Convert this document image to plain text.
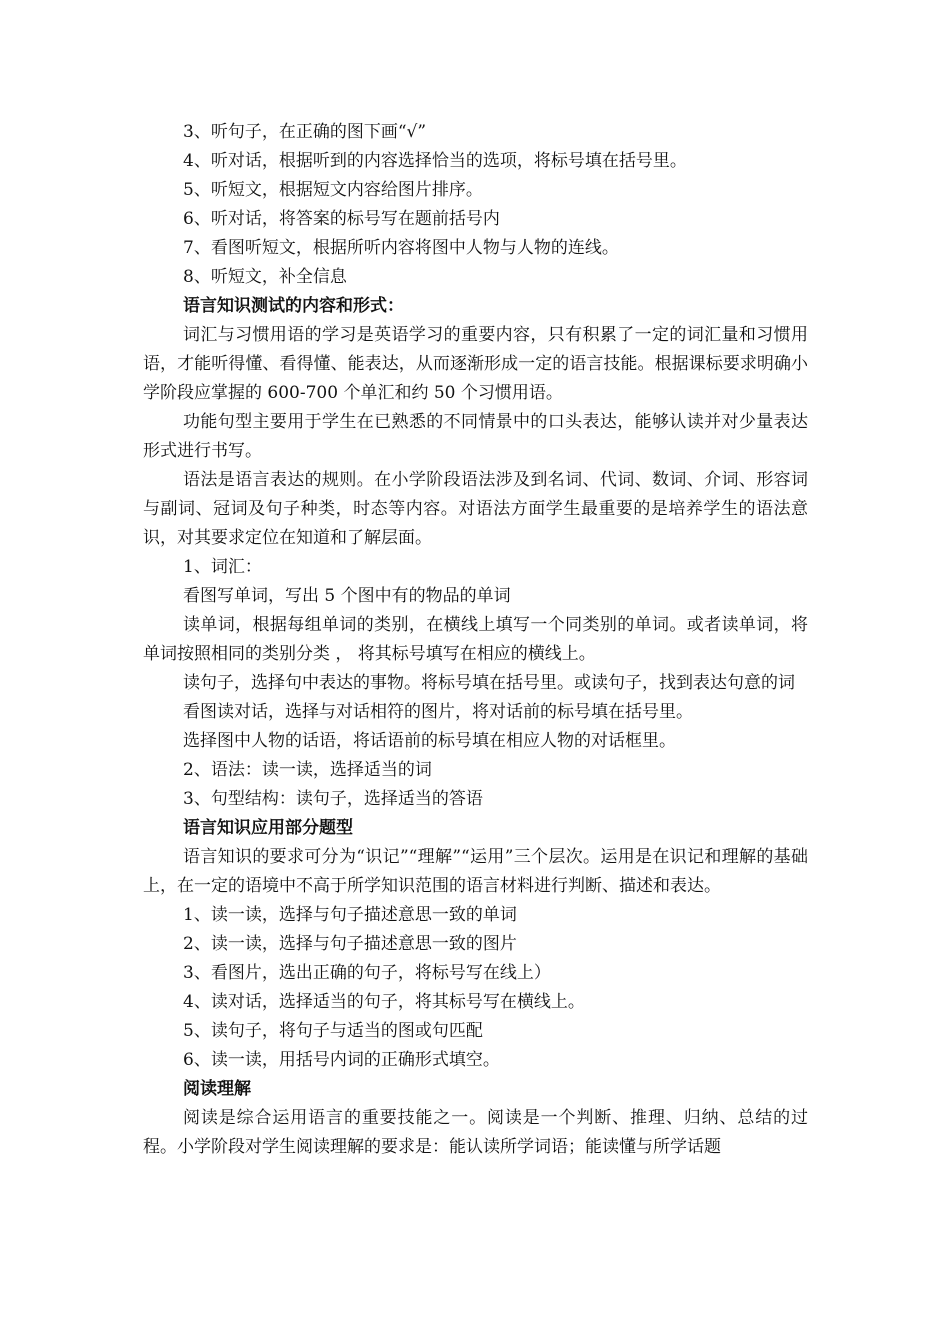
3、听句子，在正确的图下画“√”

4、听对话，根据听到的内容选择恰当的选项，将标号填在括号里。

5、听短文，根据短文内容给图片排序。

6、听对话，将答案的标号写在题前括号内

7、看图听短文，根据所听内容将图中人物与人物的连线。

8、听短文，补全信息

语言知识测试的内容和形式：

词汇与习惯用语的学习是英语学习的重要内容，只有积累了一定的词汇量和习惯用语，才能听得懂、看得懂、能表达，从而逐渐形成一定的语言技能。根据课标要求明确小学阶段应掌握的 600-700 个单汇和约 50 个习惯用语。

功能句型主要用于学生在已熟悉的不同情景中的口头表达，能够认读并对少量表达形式进行书写。

语法是语言表达的规则。在小学阶段语法涉及到名词、代词、数词、介词、形容词与副词、冠词及句子种类，时态等内容。对语法方面学生最重要的是培养学生的语法意识，对其要求定位在知道和了解层面。

1、词汇：

看图写单词，写出 5 个图中有的物品的单词

读单词，根据每组单词的类别，在横线上填写一个同类别的单词。或者读单词，将单词按照相同的类别分类 ， 将其标号填写在相应的横线上。

读句子，选择句中表达的事物。将标号填在括号里。或读句子，找到表达句意的词

看图读对话，选择与对话相符的图片，将对话前的标号填在括号里。

选择图中人物的话语，将话语前的标号填在相应人物的对话框里。

2、语法：读一读，选择适当的词

3、句型结构：读句子，选择适当的答语

语言知识应用部分题型

语言知识的要求可分为“识记”“理解”“运用”三个层次。运用是在识记和理解的基础上，在一定的语境中不高于所学知识范围的语言材料进行判断、描述和表达。

1、读一读，选择与句子描述意思一致的单词

2、读一读，选择与句子描述意思一致的图片

3、看图片，选出正确的句子，将标号写在线上）

4、读对话，选择适当的句子，将其标号写在横线上。

5、读句子，将句子与适当的图或句匹配

6、读一读，用括号内词的正确形式填空。

阅读理解

阅读是综合运用语言的重要技能之一。阅读是一个判断、推理、归纳、总结的过程。小学阶段对学生阅读理解的要求是：能认读所学词语；能读懂与所学话题
